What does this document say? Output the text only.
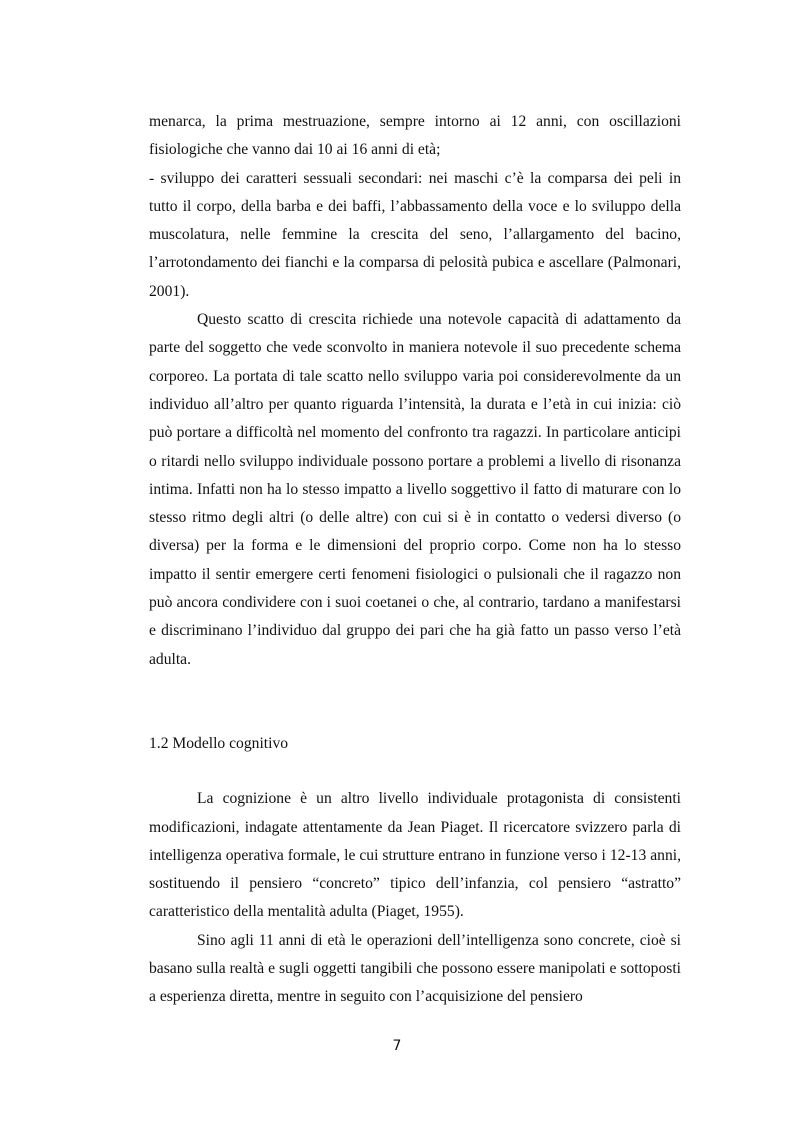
menarca, la prima mestruazione, sempre intorno ai 12 anni, con oscillazioni fisiologiche che vanno dai 10 ai 16 anni di età;

- sviluppo dei caratteri sessuali secondari: nei maschi c’è la comparsa dei peli in tutto il corpo, della barba e dei baffi, l’abbassamento della voce e lo sviluppo della muscolatura, nelle femmine la crescita del seno, l’allargamento del bacino, l’arrotondamento dei fianchi e la comparsa di pelosità pubica e ascellare (Palmonari, 2001).

Questo scatto di crescita richiede una notevole capacità di adattamento da parte del soggetto che vede sconvolto in maniera notevole il suo precedente schema corporeo. La portata di tale scatto nello sviluppo varia poi considerevolmente da un individuo all’altro per quanto riguarda l’intensità, la durata e l’età in cui inizia: ciò può portare a difficoltà nel momento del confronto tra ragazzi. In particolare anticipi o ritardi nello sviluppo individuale possono portare a problemi a livello di risonanza intima. Infatti non ha lo stesso impatto a livello soggettivo il fatto di maturare con lo stesso ritmo degli altri (o delle altre) con cui si è in contatto o vedersi diverso (o diversa) per la forma e le dimensioni del proprio corpo. Come non ha lo stesso impatto il sentir emergere certi fenomeni fisiologici o pulsionali che il ragazzo non può ancora condividere con i suoi coetanei o che, al contrario, tardano a manifestarsi e discriminano l’individuo dal gruppo dei pari che ha già fatto un passo verso l’età adulta.

1.2 Modello cognitivo

La cognizione è un altro livello individuale protagonista di consistenti modificazioni, indagate attentamente da Jean Piaget. Il ricercatore svizzero parla di intelligenza operativa formale, le cui strutture entrano in funzione verso i 12-13 anni, sostituendo il pensiero “concreto” tipico dell’infanzia, col pensiero “astratto” caratteristico della mentalità adulta (Piaget, 1955).

Sino agli 11 anni di età le operazioni dell’intelligenza sono concrete, cioè si basano sulla realtà e sugli oggetti tangibili che possono essere manipolati e sottoposti a esperienza diretta, mentre in seguito con l’acquisizione del pensiero

7
